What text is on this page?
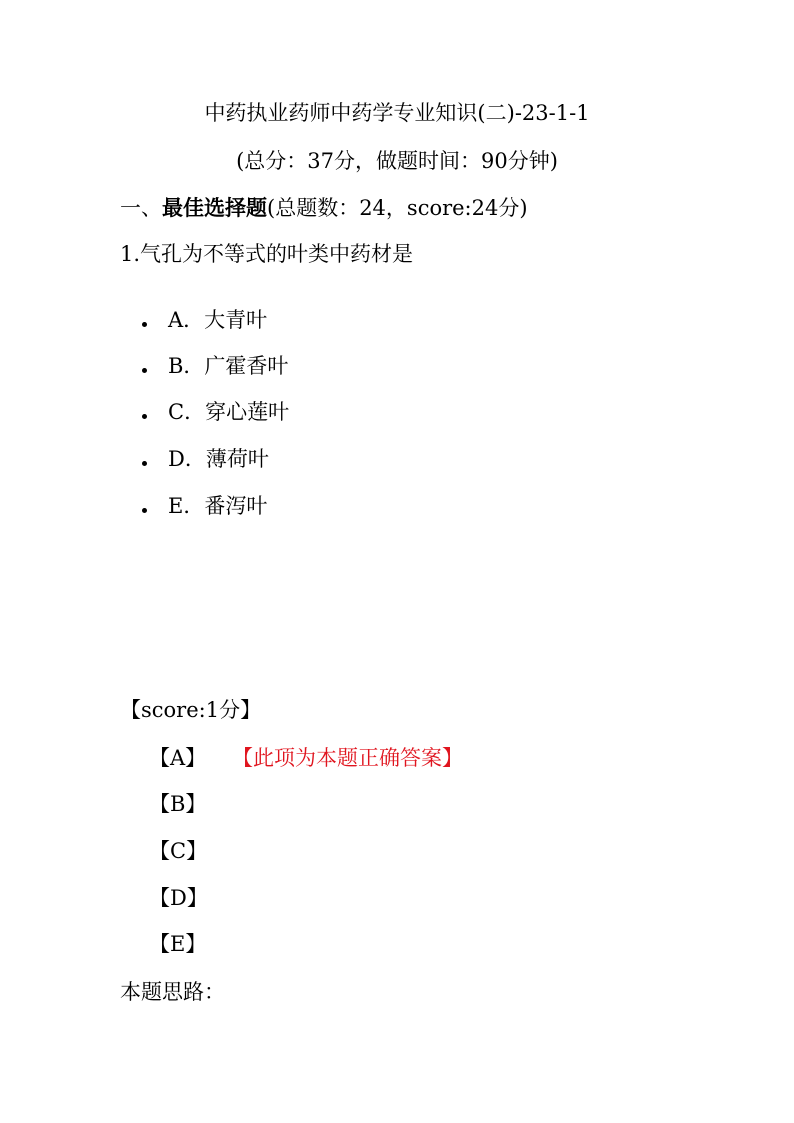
中药执业药师中药学专业知识(二)-23-1-1
(总分：37分，做题时间：90分钟)
一、最佳选择题(总题数：24，score:24分)
1.气孔为不等式的叶类中药材是
A．大青叶
B．广霍香叶
C．穿心莲叶
D．薄荷叶
E．番泻叶
【score:1分】
【A】 【此项为本题正确答案】
【B】
【C】
【D】
【E】
本题思路：
